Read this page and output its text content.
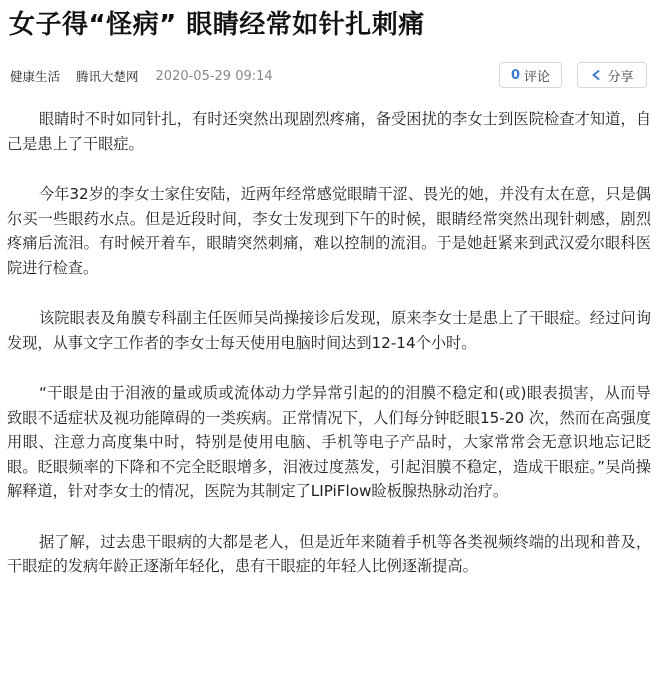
女子得“怪病” 眼睛经常如针扎刺痛
健康生活 腾讯大楚网 2020-05-29 09:14	0 评论	分享

眼睛时不时如同针扎，有时还突然出现剧烈疼痛，备受困扰的李女士到医院检查才知道，自己是患上了干眼症。

今年32岁的李女士家住安陆，近两年经常感觉眼睛干涩、畏光的她，并没有太在意，只是偶尔买一些眼药水点。但是近段时间，李女士发现到下午的时候，眼睛经常突然出现针刺感，剧烈疼痛后流泪。有时候开着车，眼睛突然刺痛，难以控制的流泪。于是她赶紧来到武汉爱尔眼科医院进行检查。

该院眼表及角膜专科副主任医师吴尚操接诊后发现，原来李女士是患上了干眼症。经过问询发现，从事文字工作者的李女士每天使用电脑时间达到12-14个小时。

“干眼是由于泪液的量或质或流体动力学异常引起的的泪膜不稳定和(或)眼表损害，从而导致眼不适症状及视功能障碍的一类疾病。正常情况下，人们每分钟眨眼15-20 次，然而在高强度用眼、注意力高度集中时，特别是使用电脑、手机等电子产品时，大家常常会无意识地忘记眨眼。眨眼频率的下降和不完全眨眼增多，泪液过度蒸发，引起泪膜不稳定，造成干眼症。”吴尚操解释道，针对李女士的情况，医院为其制定了LIPiFlow睑板腺热脉动治疗。

据了解，过去患干眼病的大都是老人，但是近年来随着手机等各类视频终端的出现和普及，干眼症的发病年龄正逐渐年轻化，患有干眼症的年轻人比例逐渐提高。
